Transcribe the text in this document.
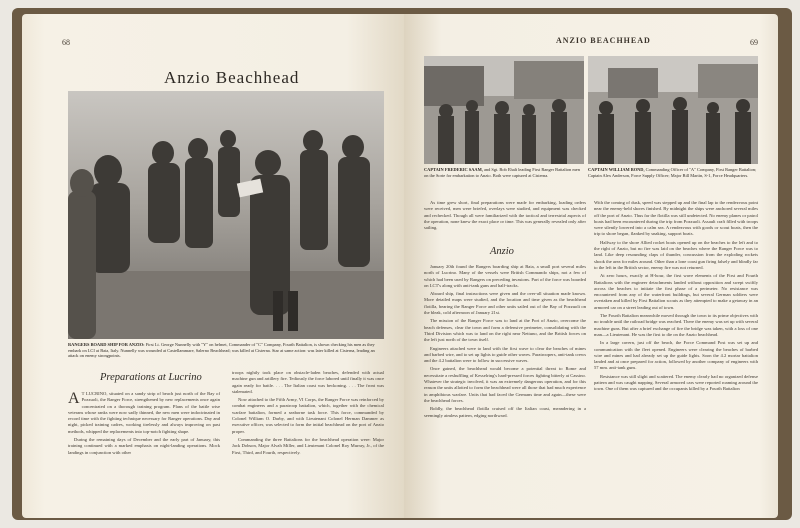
68
Anzio Beachhead
RANGERS BOARD SHIP FOR ANZIO: First Lt. George Nunnelly with "Y" on helmet, Commander of "C" Company, Fourth Battalion, is shown checking his men as they embark on LCI at Baia, Italy. Nunnelly was wounded at Castellammare, Salerno Beachhead; was killed at Cisterna. Star at same action: was later killed at Cisterna, leading an attack on enemy strongpoints.
Preparations at Lucrino

A T LUCRINO, situated on a sandy strip of beach just north of the Bay of Pozzuoli, the Ranger Force, strengthened by new replacements once again concentrated on a thorough training program. Plans of the battle wise veterans whose ranks were now sadly thinned, the new men were indoctrinated in record time with the fighting technique necessary for Ranger operations. Day and night, picked training cadres, working tirelessly and always improving on past methods, whipped the replacements into top-notch fighting shape.

During the remaining days of December and the early part of January, this training continued with a marked emphasis on night-landing operations. Mock landings in conjunction with other

troops nightly took place on obstacle-laden beaches, defended with actual machine gun and artillery fire. Tediously the force labored until finally it was once again ready for battle. . . . The Italian coast was beckoning. . . . The front was stalemated.

Now attached to the Fifth Army, VI Corps, the Ranger Force was reinforced by combat engineers and a paratroop battalion, which, together with the chemical warfare battalion, formed a seaborne task force. This force, commanded by Colonel William O. Darby, and with Lieutenant Colonel Herman Dammer as executive officer, was selected to form the initial beachhead on the port of Anzio proper.

Commanding the three Battalions for the beachhead operation were: Major Jack Dobson, Major Alvah Miller, and Lieutenant Colonel Roy Murray, Jr., of the First, Third, and Fourth, respectively.

ANZIO BEACHHEAD	69
CAPTAIN FREDERIC SAAM, and Sgt. Bob Ehalt leading First Ranger Battalion men on the Sorte for embarkation to Anzio. Both were captured at Cisterna.
CAPTAIN WILLIAM BOND, Commanding Officer of "A" Company, First Ranger Battalion; Captain Alex Anderson, Force Supply Officer; Major Bill Martin, S-1, Force Headquarters.

As time grew short, final preparations were made for embarking, loading orders were received, men were briefed, overlays were studied, and equipment was checked and rechecked. Though all were familiarized with the tactical and terrestrial aspects of the operation, none knew the exact place or time. This was generally revealed only after sailing.

Anzio

January 20th found the Rangers boarding ship at Baia, a small port several miles north of Lucrino. Many of the vessels were British Commando ships, not a few of which had been used by Rangers on preceding invasions. Part of the force was boarded on LCT's along with anti-tank guns and half-tracks.

Aboard ship, final instructions were given and the over-all situation made known. More detailed maps were studied, and the location and time given as the beachhead flotilla, bearing the Ranger Force and other units sailed out of the Bay of Pozzuoli on the bleak, cold afternoon of January 21st.

The mission of the Ranger Force was to land at the Port of Anzio, overcome the beach defenses, clear the town and form a defensive perimeter, consolidating with the Third Division which was to land on the right near Nettuno, and the British forces on the left just north of the town itself.

Engineers attached were to land with the first wave to clear the beaches of mines and barbed wire, and to set up lights to guide other waves. Paratroopers, anti-tank crews and the 4.2 battalion were to follow in successive waves.

Once gained, the beachhead would become a potential threat to Rome and necessitate a reshuffling of Kesselring's hard-pressed forces fighting bitterly at Cassino. Whatever the strategic involved, it was an extremely dangerous operation, and for this reason the units allotted to form the beachhead were all those that had much experience in amphibious warfare. Units that had faced the Germans time and again—these were the beachhead forces.

Boldly, the beachhead flotilla cruised off the Italian coast, meandering in a seemingly aimless pattern, edging northward.

With the coming of dusk, speed was stepped up and the final lap to the rendezvous point near the enemy-held shores finished. By midnight the ships were anchored several miles off the port of Anzio. Thus far the flotilla was still undetected. No enemy planes or patrol boats had been encountered during the trip from Pozzuoli. Assault craft filled with troops were silently lowered into a calm sea. A rendezvous with goods or scout boats, then the trip to shore began, flanked by snaking, support boats.

Halfway to the shore Allied rocket boats opened up on the beaches to the left and to the right of Anzio, but no fire was laid on the beaches where the Ranger Force was to land. Like deep resounding claps of thunder, concussion from the exploding rockets shook the area for miles around. Other than a lone coast gun firing falsely and blindly far to the left in the British sector, enemy fire was not returned.

At zero hours, exactly at H-hour, the first wave elements of the First and Fourth Battalions with the engineer detachments landed without opposition and swept swiftly across the beaches to initiate the first phase of a perimeter. No resistance was encountered from any of the waterfront buildings, but several German soldiers were overtaken and killed by First Battalion scouts as they attempted to make a getaway in an armored car on a street leading out of town.

The Fourth Battalion meanwhile moved through the town to its prime objectives with no trouble until the railroad bridge was reached. There the enemy was set up with several machine guns. But after a brief exchange of fire the bridge was taken, with a loss of one man—a Lieutenant. He was the first to die on the Anzio beachhead.

In a large cavern, just off the beach, the Force Command Post was set up and communication with the fleet opened. Engineers were clearing the beaches of barbed wire and mines and had already set up the guide lights. Soon the 4.2 mortar battalion landed and at once prepared for action, followed by another company of engineers with 57 mm. anti-tank guns.

Resistance was still slight and scattered. The enemy clearly had no organized defense pattern and was caught napping. Several armored cars were reported roaming around the town. One of them was captured and the occupants killed by a Fourth Battalion
